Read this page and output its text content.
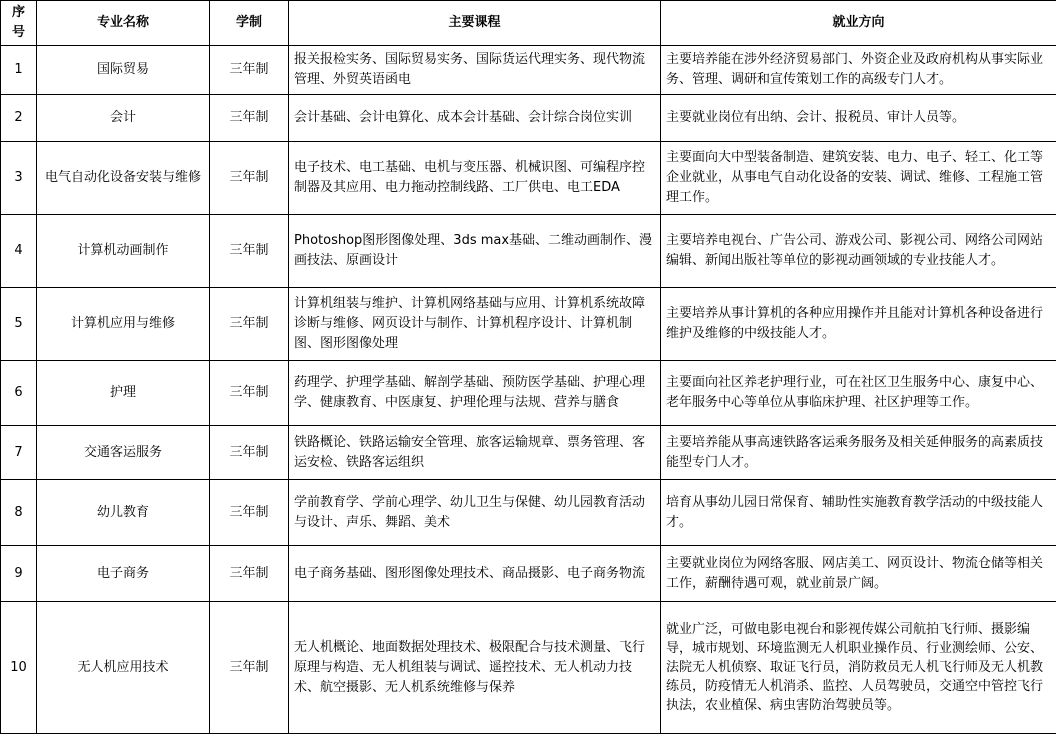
序号	专业名称	学制	主要课程	就业方向
1	国际贸易	三年制	报关报检实务、国际贸易实务、国际货运代理实务、现代物流管理、外贸英语函电	主要培养能在涉外经济贸易部门、外资企业及政府机构从事实际业务、管理、调研和宣传策划工作的高级专门人才。
2	会计	三年制	会计基础、会计电算化、成本会计基础、会计综合岗位实训	主要就业岗位有出纳、会计、报税员、审计人员等。
3	电气自动化设备安装与维修	三年制	电子技术、电工基础、电机与变压器、机械识图、可编程序控制器及其应用、电力拖动控制线路、工厂供电、电工EDA	主要面向大中型装备制造、建筑安装、电力、电子、轻工、化工等企业就业，从事电气自动化设备的安装、调试、维修、工程施工管理工作。
4	计算机动画制作	三年制	Photoshop图形图像处理、3ds max基础、二维动画制作、漫画技法、原画设计	主要培养电视台、广告公司、游戏公司、影视公司、网络公司网站编辑、新闻出版社等单位的影视动画领域的专业技能人才。
5	计算机应用与维修	三年制	计算机组装与维护、计算机网络基础与应用、计算机系统故障诊断与维修、网页设计与制作、计算机程序设计、计算机制图、图形图像处理	主要培养从事计算机的各种应用操作并且能对计算机各种设备进行维护及维修的中级技能人才。
6	护理	三年制	药理学、护理学基础、解剖学基础、预防医学基础、护理心理学、健康教育、中医康复、护理伦理与法规、营养与膳食	主要面向社区养老护理行业，可在社区卫生服务中心、康复中心、老年服务中心等单位从事临床护理、社区护理等工作。
7	交通客运服务	三年制	铁路概论、铁路运输安全管理、旅客运输规章、票务管理、客运安检、铁路客运组织	主要培养能从事高速铁路客运乘务服务及相关延伸服务的高素质技能型专门人才。
8	幼儿教育	三年制	学前教育学、学前心理学、幼儿卫生与保健、幼儿园教育活动与设计、声乐、舞蹈、美术	培育从事幼儿园日常保育、辅助性实施教育教学活动的中级技能人才。
9	电子商务	三年制	电子商务基础、图形图像处理技术、商品摄影、电子商务物流	主要就业岗位为网络客服、网店美工、网页设计、物流仓储等相关工作，薪酬待遇可观，就业前景广阔。
10	无人机应用技术	三年制	无人机概论、地面数据处理技术、极限配合与技术测量、飞行原理与构造、无人机组装与调试、遥控技术、无人机动力技术、航空摄影、无人机系统维修与保养	就业广泛，可做电影电视台和影视传媒公司航拍飞行师、摄影编导，城市规划、环境监测无人机职业操作员、行业测绘师、公安、法院无人机侦察、取证飞行员，消防救员无人机飞行师及无人机教练员，防疫情无人机消杀、监控、人员驾驶员，交通空中管控飞行执法，农业植保、病虫害防治驾驶员等。
